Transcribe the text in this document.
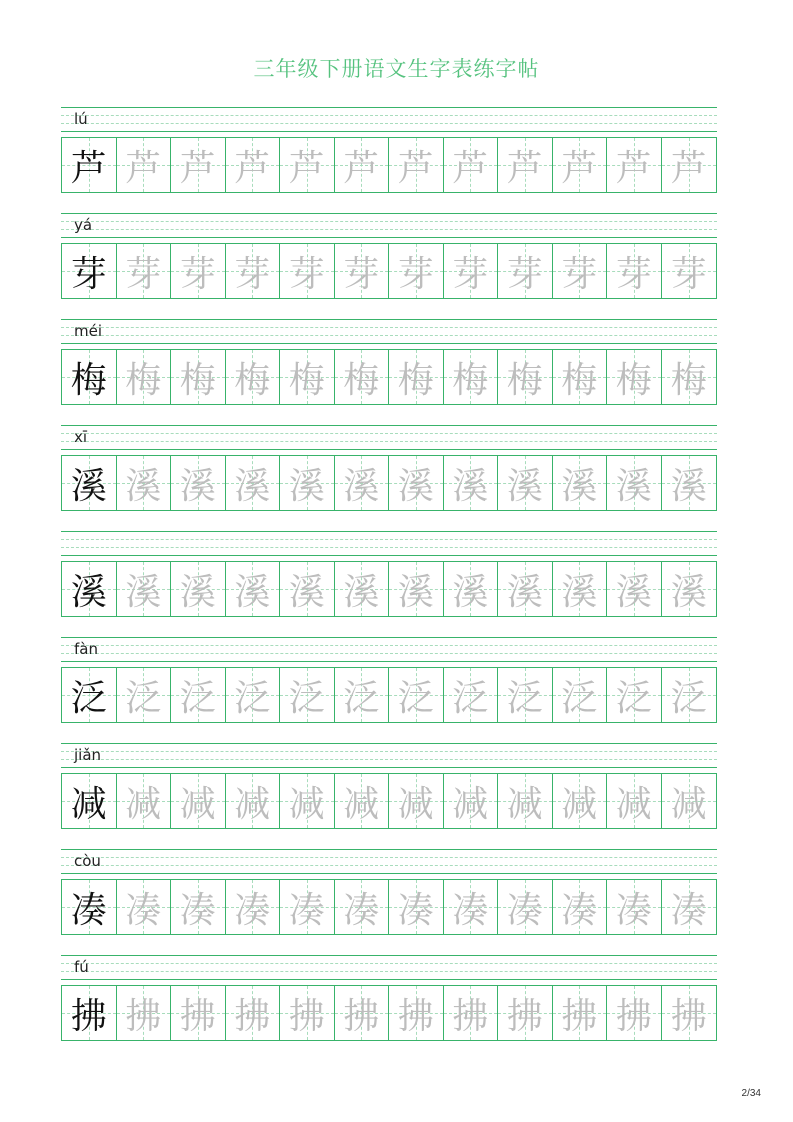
三年级下册语文生字表练字帖
lú
芦 芦 芦 芦 芦 芦 芦 芦 芦 芦 芦 芦
yá
芽 芽 芽 芽 芽 芽 芽 芽 芽 芽 芽 芽
méi
梅 梅 梅 梅 梅 梅 梅 梅 梅 梅 梅 梅
xī
溪 溪 溪 溪 溪 溪 溪 溪 溪 溪 溪 溪
溪 溪 溪 溪 溪 溪 溪 溪 溪 溪 溪 溪
fàn
泛 泛 泛 泛 泛 泛 泛 泛 泛 泛 泛 泛
jiǎn
减 减 减 减 减 减 减 减 减 减 减 减
còu
凑 凑 凑 凑 凑 凑 凑 凑 凑 凑 凑 凑
fú
拂 拂 拂 拂 拂 拂 拂 拂 拂 拂 拂 拂
2/34
